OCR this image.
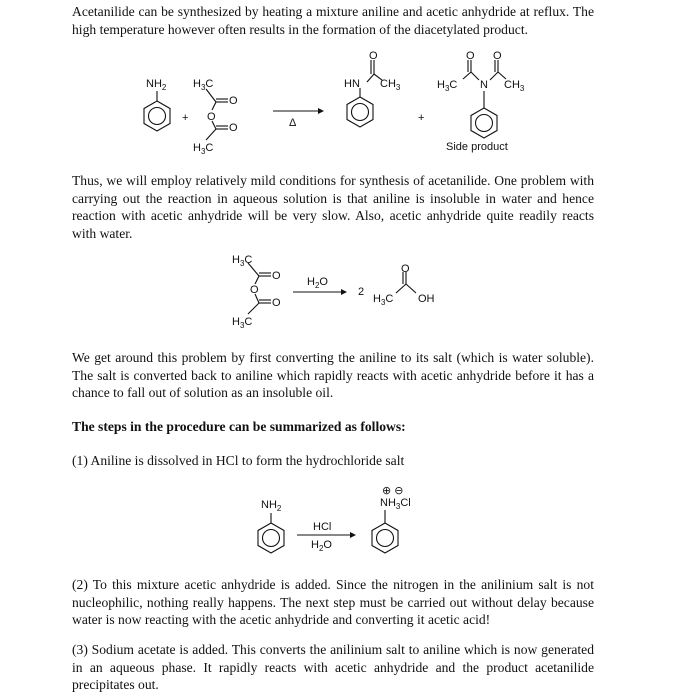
Acetanilide can be synthesized by heating a mixture aniline and acetic anhydride at reflux. The high temperature however often results in the formation of the diacetylated product.

$NH_2$
+
$H_3C$
O
O
O
$H_3C$
Δ
O
HN $CH_3$
+
O O
$H_3C$ N $CH_3$
Side product

Thus, we will employ relatively mild conditions for synthesis of acetanilide. One problem with carrying out the reaction in aqueous solution is that aniline is insoluble in water and hence reaction with acetic anhydride will be very slow. Also, acetic anhydride quite readily reacts with water.

$H_3C$
O
O
O
$H_3C$
$H_2O$
2
O
$H_3C$ OH

We get around this problem by first converting the aniline to its salt (which is water soluble). The salt is converted back to aniline which rapidly reacts with acetic anhydride before it has a chance to fall out of solution as an insoluble oil.

The steps in the procedure can be summarized as follows:

(1) Aniline is dissolved in HCl to form the hydrochloride salt

$NH_2$
HCl
$H_2O$
⊕ ⊖
$NH_3Cl$

(2) To this mixture acetic anhydride is added. Since the nitrogen in the anilinium salt is not nucleophilic, nothing really happens. The next step must be carried out without delay because water is now reacting with the acetic anhydride and converting it acetic acid!

(3) Sodium acetate is added. This converts the anilinium salt to aniline which is now generated in an aqueous phase. It rapidly reacts with acetic anhydride and the product acetanilide precipitates out.
